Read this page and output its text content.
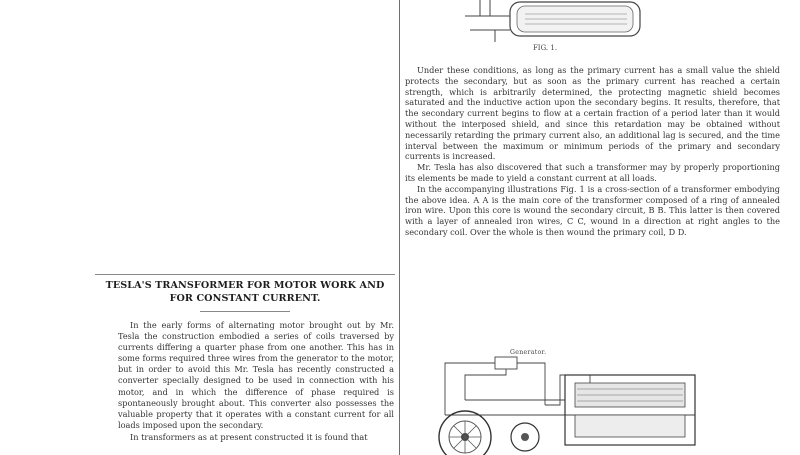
TESLA'S TRANSFORMER FOR MOTOR WORK AND
FOR CONSTANT CURRENT.

In the early forms of alternating motor brought out by Mr. Tesla the construction embodied a series of coils traversed by currents differing a quarter phase from one another. This has in some forms required three wires from the generator to the motor, but in order to avoid this Mr. Tesla has recently constructed a converter specially designed to be used in connection with his motor, and in which the difference of phase required is spontaneously brought about. This converter also possesses the valuable property that it operates with a constant current for all loads imposed upon the secondary.

In transformers as at present constructed it is found that

FIG. 1.

Under these conditions, as long as the primary current has a small value the shield protects the secondary, but as soon as the primary current has reached a certain strength, which is arbitrarily determined, the protecting magnetic shield becomes saturated and the inductive action upon the secondary begins. It results, therefore, that the secondary current begins to flow at a certain fraction of a period later than it would without the interposed shield, and since this retardation may be obtained without necessarily retarding the primary current also, an additional lag is secured, and the time interval between the maximum or minimum periods of the primary and secondary currents is increased.

Mr. Tesla has also discovered that such a transformer may by properly proportioning its elements be made to yield a constant current at all loads.

In the accompanying illustrations Fig. 1 is a cross-section of a transformer embodying the above idea. A A is the main core of the transformer composed of a ring of annealed iron wire. Upon this core is wound the secondary circuit, B B. This latter is then covered with a layer of annealed iron wires, C C, wound in a direction at right angles to the secondary coil. Over the whole is then wound the primary coil, D D.

Generator.
